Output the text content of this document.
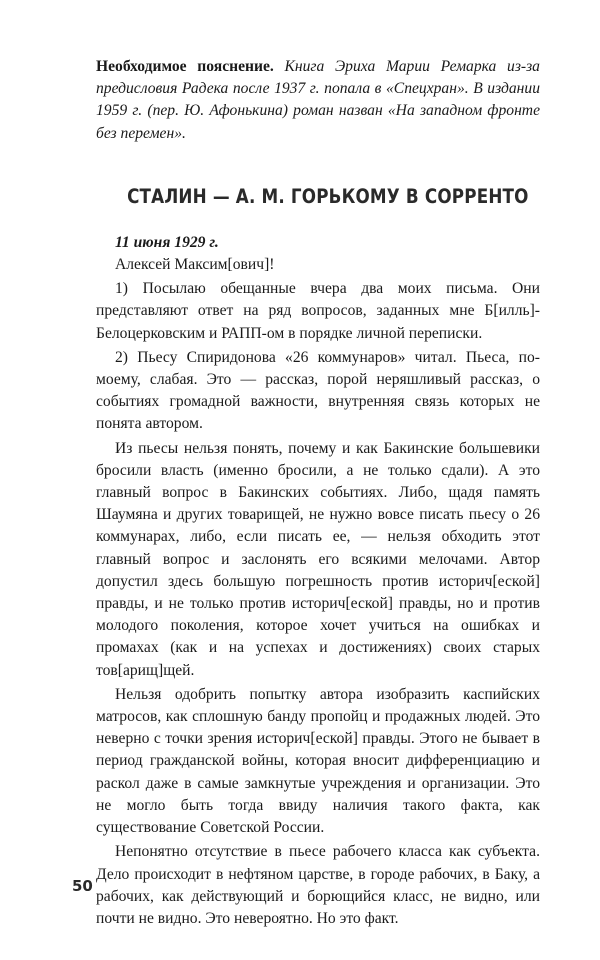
Необходимое пояснение. Книга Эриха Марии Ремарка из-за предисловия Радека после 1937 г. попала в «Спецхран». В издании 1959 г. (пер. Ю. Афонькина) роман назван «На западном фронте без перемен».

СТАЛИН — А. М. ГОРЬКОМУ В СОРРЕНТО

11 июня 1929 г.

Алексей Максим[ович]!

1) Посылаю обещанные вчера два моих письма. Они представляют ответ на ряд вопросов, заданных мне Б[илль]-Белоцерковским и РАПП-ом в порядке личной переписки.

2) Пьесу Спиридонова «26 коммунаров» читал. Пьеса, по-моему, слабая. Это — рассказ, порой неряшливый рассказ, о событиях громадной важности, внутренняя связь которых не понята автором.

Из пьесы нельзя понять, почему и как Бакинские большевики бросили власть (именно бросили, а не только сдали). А это главный вопрос в Бакинских событиях. Либо, щадя память Шаумяна и других товарищей, не нужно вовсе писать пьесу о 26 коммунарах, либо, если писать ее, — нельзя обходить этот главный вопрос и заслонять его всякими мелочами. Автор допустил здесь большую погрешность против историч[еской] правды, и не только против историч[еской] правды, но и против молодого поколения, которое хочет учиться на ошибках и промахах (как и на успехах и достижениях) своих старых тов[арищ]щей.

Нельзя одобрить попытку автора изобразить каспийских матросов, как сплошную банду пропойц и продажных людей. Это неверно с точки зрения историч[еской] правды. Этого не бывает в период гражданской войны, которая вносит дифференциацию и раскол даже в самые замкнутые учреждения и организации. Это не могло быть тогда ввиду наличия такого факта, как существование Советской России.

Непонятно отсутствие в пьесе рабочего класса как субъекта. Дело происходит в нефтяном царстве, в городе рабочих, в Баку, а рабочих, как действующий и борющийся класс, не видно, или почти не видно. Это невероятно. Но это факт.

50
